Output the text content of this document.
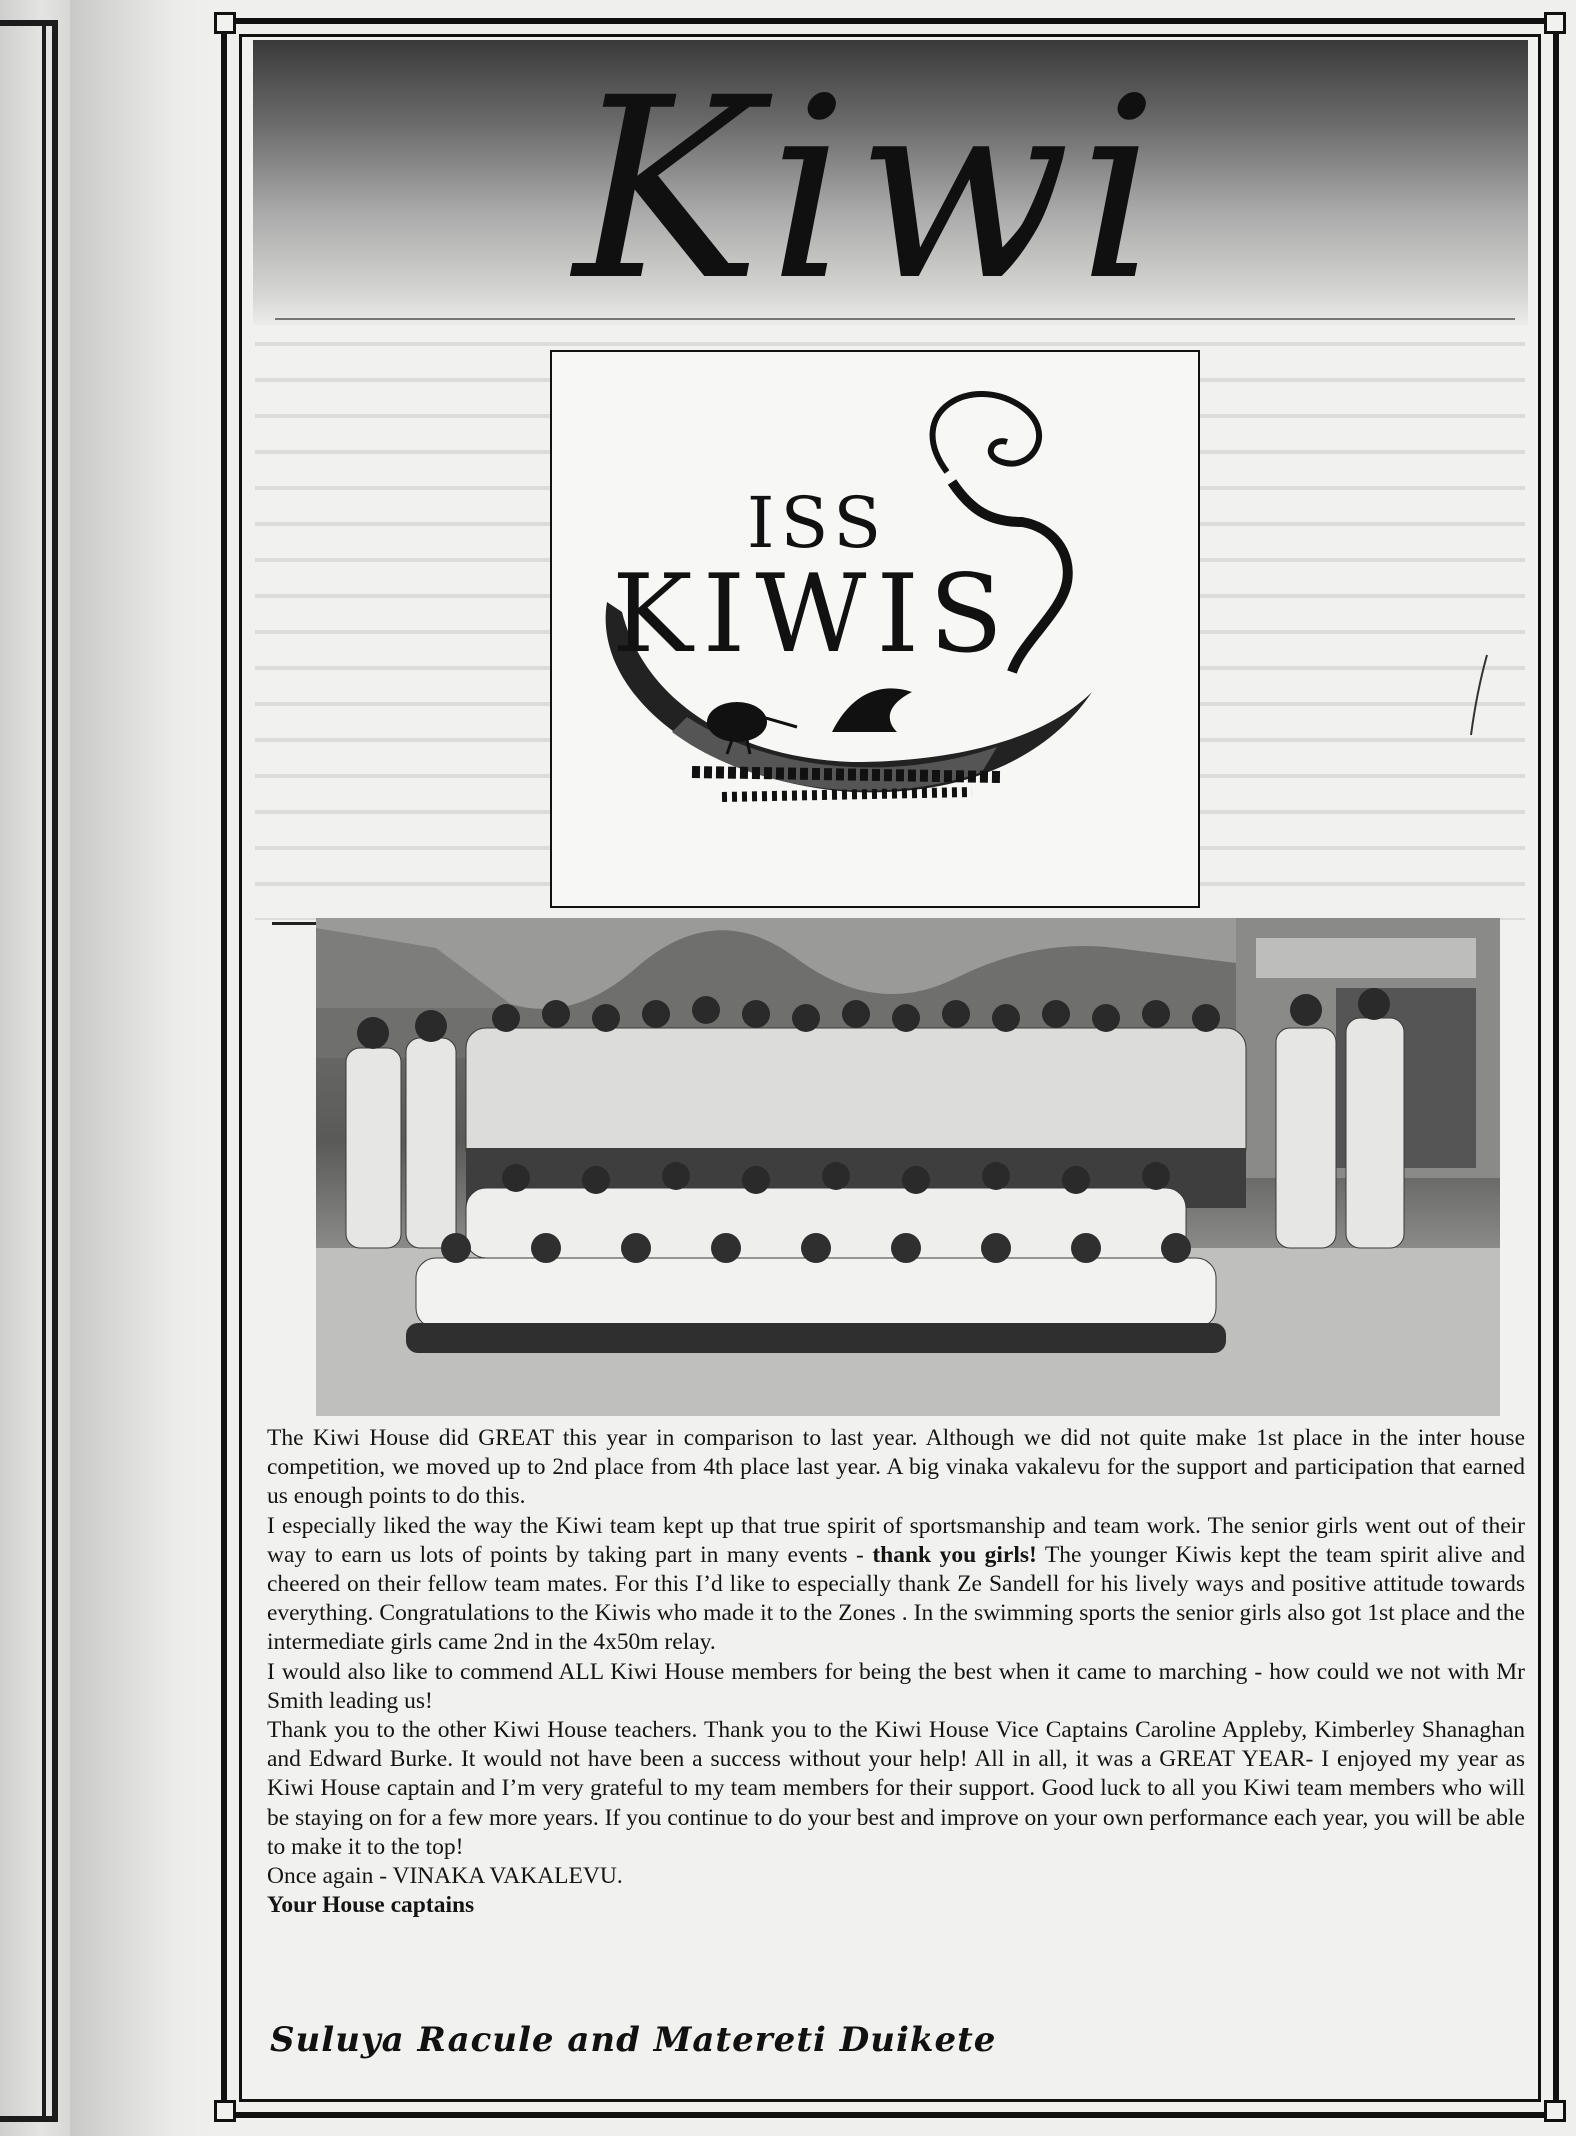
Kiwi
ISS
KIWIS

The Kiwi House did GREAT this year in comparison to last year. Although we did not quite make 1st place in the inter house competition, we moved up to 2nd place from 4th place last year. A big vinaka vakalevu for the support and participation that earned us enough points to do this.

I especially liked the way the Kiwi team kept up that true spirit of sportsmanship and team work. The senior girls went out of their way to earn us lots of points by taking part in many events - thank you girls! The younger Kiwis kept the team spirit alive and cheered on their fellow team mates. For this I’d like to especially thank Ze Sandell for his lively ways and positive attitude towards everything. Congratulations to the Kiwis who made it to the Zones . In the swimming sports the senior girls also got 1st place and the intermediate girls came 2nd in the 4x50m relay.

I would also like to commend ALL Kiwi House members for being the best when it came to marching - how could we not with Mr Smith leading us!

Thank you to the other Kiwi House teachers. Thank you to the Kiwi House Vice Captains Caroline Appleby, Kimberley Shanaghan and Edward Burke. It would not have been a success without your help! All in all, it was a GREAT YEAR- I enjoyed my year as Kiwi House captain and I’m very grateful to my team members for their support. Good luck to all you Kiwi team members who will be staying on for a few more years. If you continue to do your best and improve on your own performance each year, you will be able to make it to the top!

Once again - VINAKA VAKALEVU.

Your House captains

Suluya Racule and Matereti Duikete
